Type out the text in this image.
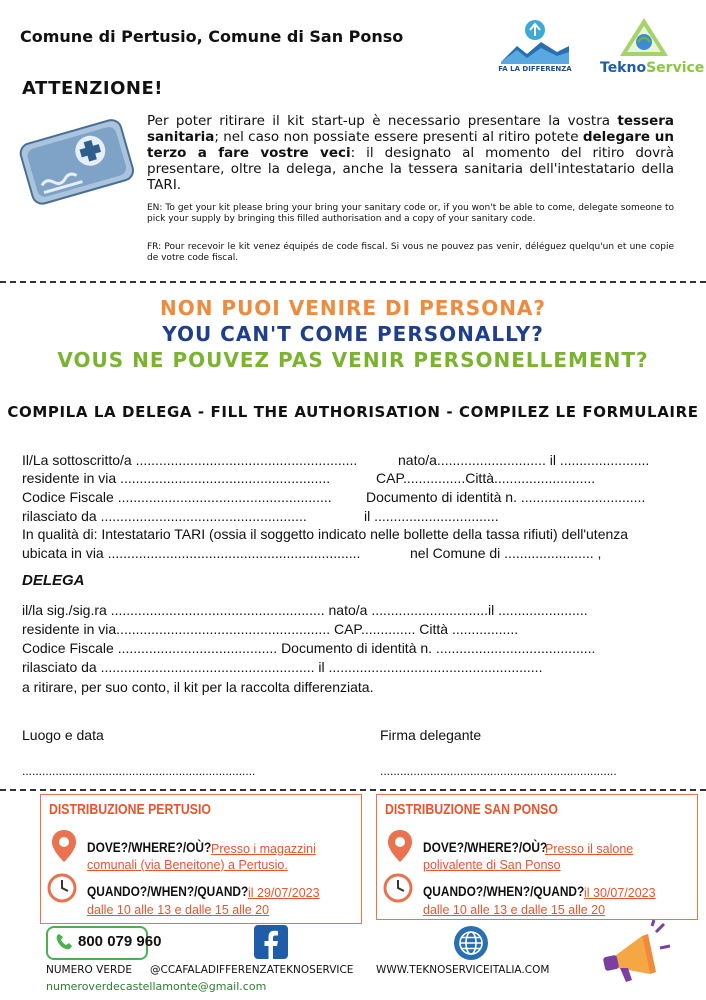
Comune di Pertusio, Comune di San Ponso
FA LA DIFFERENZA TeknoService
ATTENZIONE!
Per poter ritirare il kit start-up è necessario presentare la vostra tessera sanitaria; nel caso non possiate essere presenti al ritiro potete delegare un terzo a fare vostre veci: il designato al momento del ritiro dovrà presentare, oltre la delega, anche la tessera sanitaria dell'intestatario della TARI.
EN: To get your kit please bring your bring your sanitary code or, if you won't be able to come, delegate someone to pick your supply by bringing this filled authorisation and a copy of your sanitary code.
FR: Pour recevoir le kit venez équipés de code fiscal. Si vous ne pouvez pas venir, déléguez quelqu'un et une copie de votre code fiscal.
NON PUOI VENIRE DI PERSONA?
YOU CAN'T COME PERSONALLY?
VOUS NE POUVEZ PAS VENIR PERSONELLEMENT?
COMPILA LA DELEGA - FILL THE AUTHORISATION - COMPILEZ LE FORMULAIRE
Il/La sottoscritto/a .........................................................	nato/a............................ il .......................
residente in via ......................................................	CAP................Città..........................
Codice Fiscale ....................................................... Documento di identità n. ................................
rilasciato da .....................................................	il ................................
In qualità di: Intestatario TARI (ossia il soggetto indicato nelle bollette della tassa rifiuti) dell'utenza
ubicata in via .................................................................	nel Comune di ....................... ,
DELEGA
il/la sig./sig.ra ....................................................... nato/a ..............................il .......................
residente in via....................................................... CAP.............. Città .................
Codice Fiscale ......................................... Documento di identità n. .........................................
rilasciato da ....................................................... il .......................................................
a ritirare, per suo conto, il kit per la raccolta differenziata.
Luogo e data	Firma delegante
......................................................................	.......................................................................
DISTRIBUZIONE PERTUSIO
DOVE?/WHERE?/OÙ? Presso i magazzini
comunali (via Beneitone) a Pertusio.
QUANDO?/WHEN?/QUAND? il 29/07/2023
dalle 10 alle 13 e dalle 15 alle 20
DISTRIBUZIONE SAN PONSO
DOVE?/WHERE?/OÙ?
Presso il salone
polivalente di San Ponso
QUANDO?/WHEN?/QUAND? il 30/07/2023
dalle 10 alle 13 e dalle 15 alle 20
800 079 960
NUMERO VERDE @CCAFALADIFFERENZATEKNOSERVICE WWW.TEKNOSERVICEITALIA.COM
numeroverdecastellamonte@gmail.com
